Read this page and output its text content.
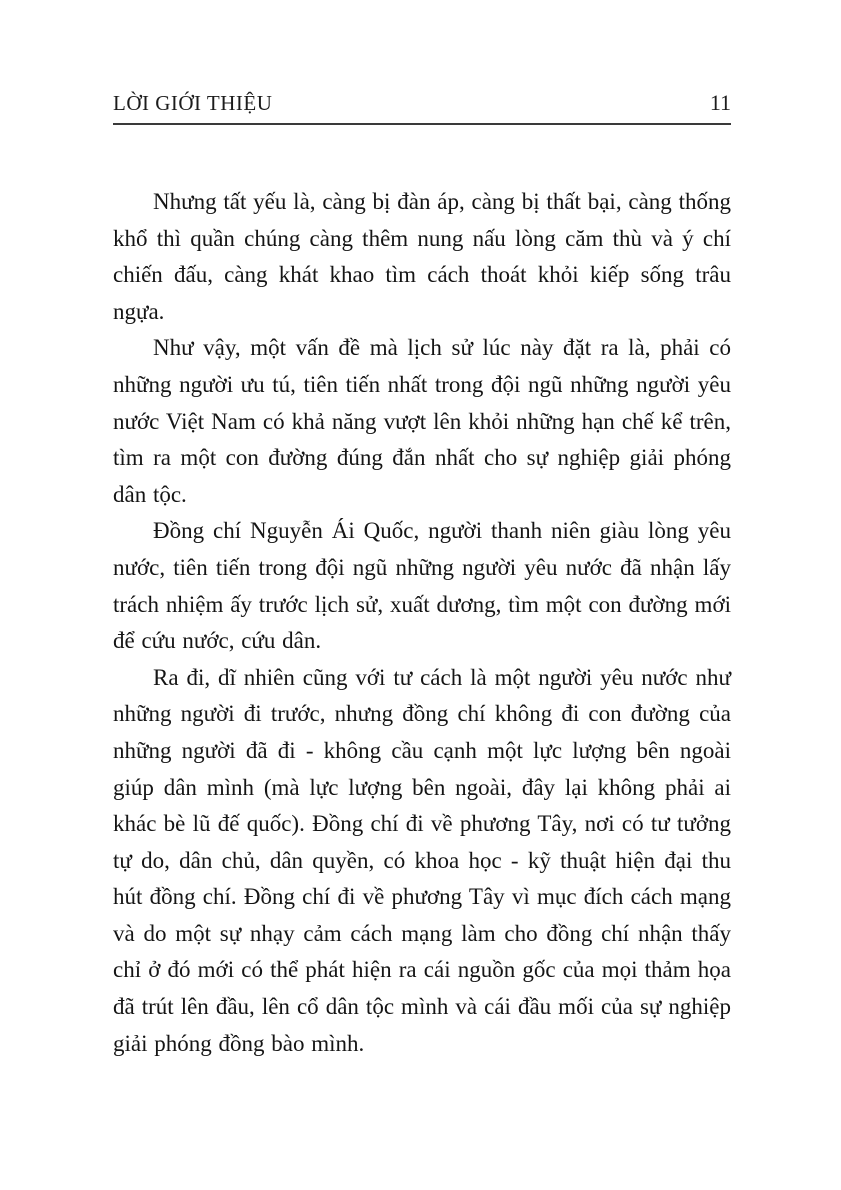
LỜI GIỚI THIỆU	11

Nhưng tất yếu là, càng bị đàn áp, càng bị thất bại, càng thống khổ thì quần chúng càng thêm nung nấu lòng căm thù và ý chí chiến đấu, càng khát khao tìm cách thoát khỏi kiếp sống trâu ngựa.

Như vậy, một vấn đề mà lịch sử lúc này đặt ra là, phải có những người ưu tú, tiên tiến nhất trong đội ngũ những người yêu nước Việt Nam có khả năng vượt lên khỏi những hạn chế kể trên, tìm ra một con đường đúng đắn nhất cho sự nghiệp giải phóng dân tộc.

Đồng chí Nguyễn Ái Quốc, người thanh niên giàu lòng yêu nước, tiên tiến trong đội ngũ những người yêu nước đã nhận lấy trách nhiệm ấy trước lịch sử, xuất dương, tìm một con đường mới để cứu nước, cứu dân.

Ra đi, dĩ nhiên cũng với tư cách là một người yêu nước như những người đi trước, nhưng đồng chí không đi con đường của những người đã đi - không cầu cạnh một lực lượng bên ngoài giúp dân mình (mà lực lượng bên ngoài, đây lại không phải ai khác bè lũ đế quốc). Đồng chí đi về phương Tây, nơi có tư tưởng tự do, dân chủ, dân quyền, có khoa học - kỹ thuật hiện đại thu hút đồng chí. Đồng chí đi về phương Tây vì mục đích cách mạng và do một sự nhạy cảm cách mạng làm cho đồng chí nhận thấy chỉ ở đó mới có thể phát hiện ra cái nguồn gốc của mọi thảm họa đã trút lên đầu, lên cổ dân tộc mình và cái đầu mối của sự nghiệp giải phóng đồng bào mình.
